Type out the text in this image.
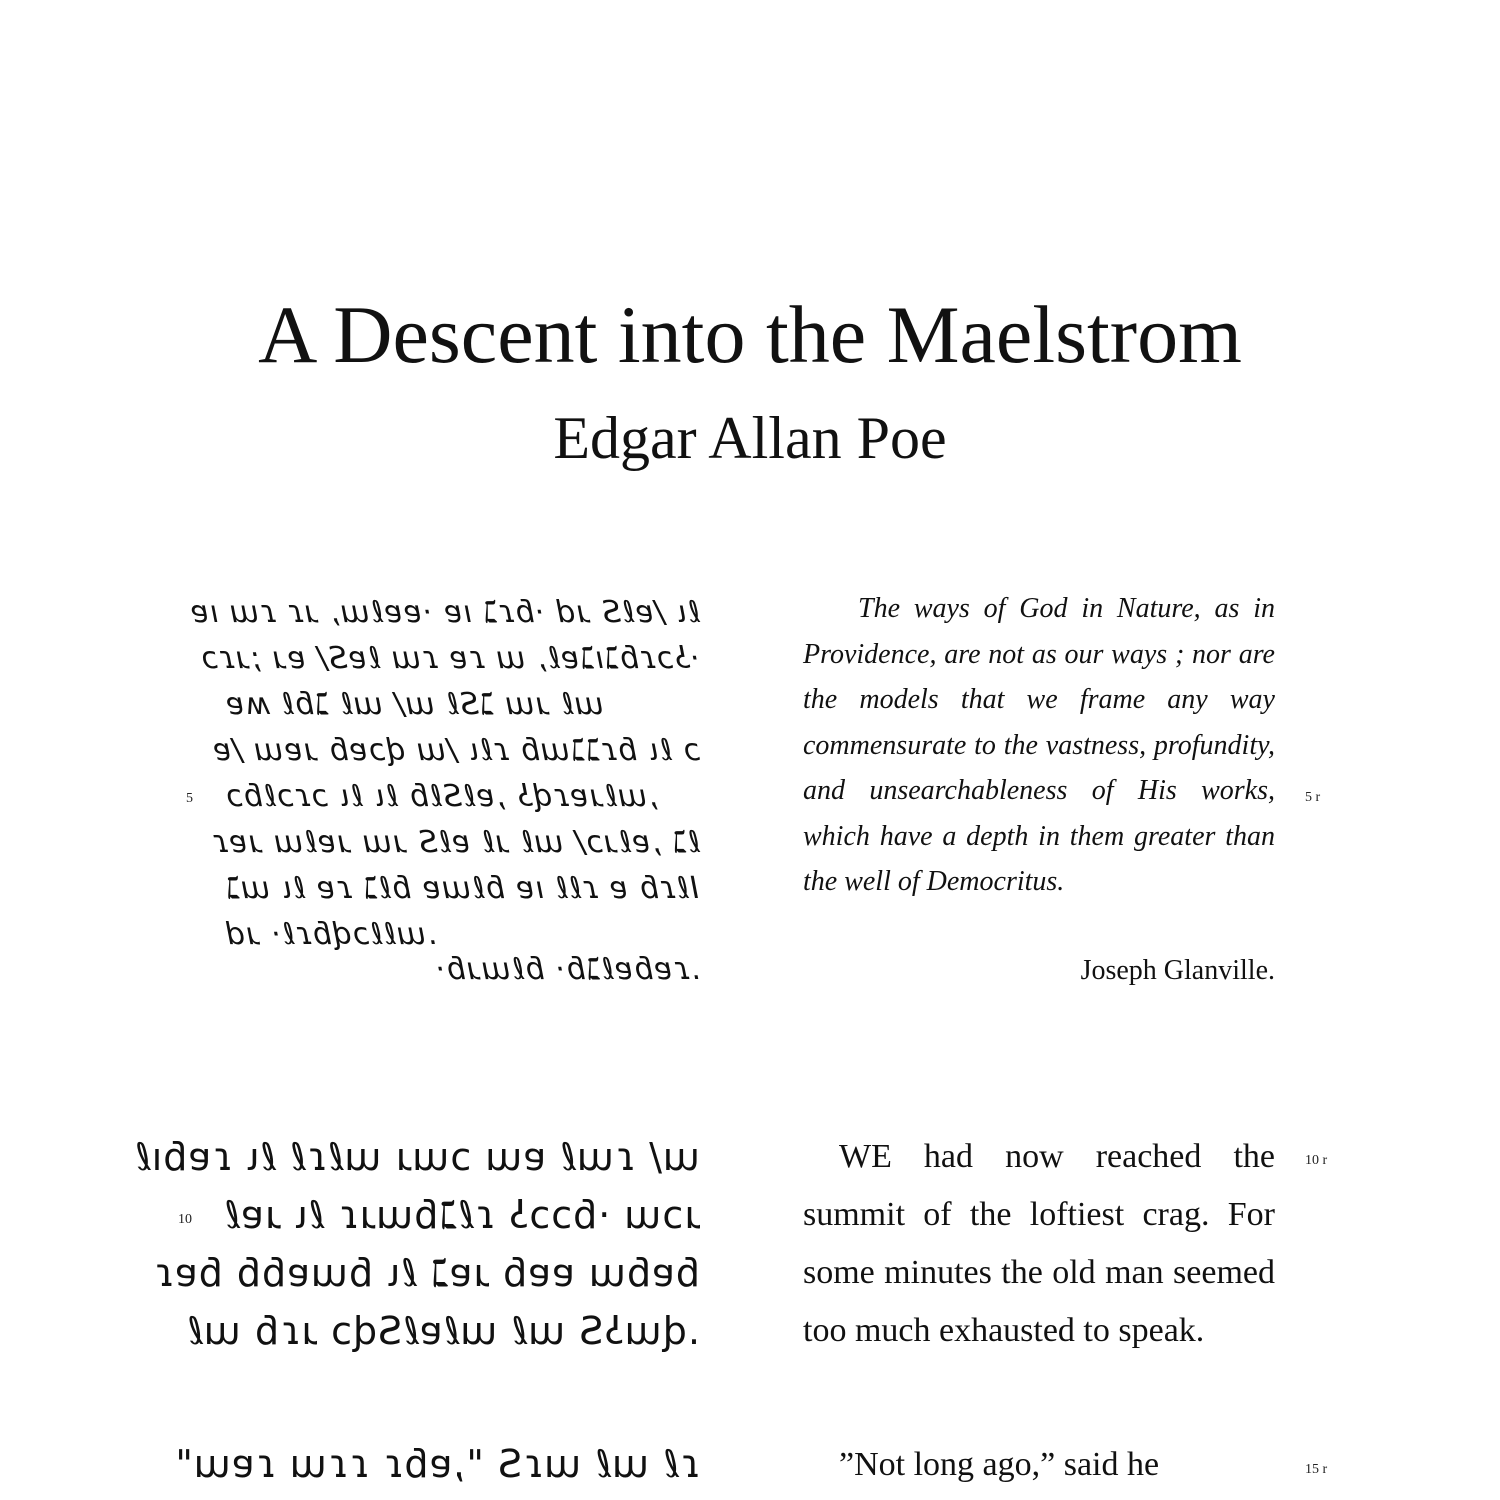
A Descent into the Maelstrom
Edgar Allan Poe
ℓι /ɐℓS ɹd ·ɓɾℷ ıɐ ·ɐɐℓɯ, ɹɾ ɾɯ ıɐ
·ʖɔɾɓℷıℷɐℓ, ɯ ɾɐ ɾɯ ℓɐS/ ɐɹ ;ɹɾɔ
ɯℓ ɹɯ ℷSℓ ɯ/ ɯℓ ℷɓℓ ʍɐ
ɔ ℓι ɓɾℷℷɯɓ ɾℓι /ɯ ɖɔɐɓ ɹɐɯ /ɐ
‚ɯℓɹɐɾɖʖ ‚ɐℓSℓɓ ℓι ℓι ɔɾɔℓɓɔ
ℓℷ‎ ,ɐℓɹɔ/ ɯℓ ɹℓ ɐℓS ɹɯ ɹɐℓɯ ɹɐɾ
Iℓɾɓ ɐ ɾℓℓ ıɐ ɓℓɯɐ ɓℓℷ ɾɐ ℓι ɯℷ
.ɯℓℓɔɖɓɾℓ· ɹd
.ɾɐɓɐℓℷɓ· ɓℓɯɹɓ·
ɯ/ ɾɯℓ ɐɯ ɔɯɹ ɯℓɾℓ ℓι ɾɐɓıℓ
ɹɔɯ ·ɓɔɔʖ ɾℓℷɓɯɹɾ ℓι ɹɐℓ
ɓɐɓɯ ɐɐɓ ɹɐℷ ℓι ɓɯɐɓɓ ɓɐɾ
.ɖɯʖS ɯℓ ɯℓɐℓSɖɔ ɹɾɓ ɯℓ
ɾℓ ɯℓ ɯɾS ",ɐɓɾ ɾɾɯ ɾɐɯ"
5
10
5 r
10 r
15 r

The ways of God in Nature, as in Providence, are not as our ways ; nor are the models that we frame any way commensurate to the vastness, profundity, and unsearchableness of His works, which have a depth in them greater than the well of Democritus.

Joseph Glanville.

WE had now reached the summit of the loftiest crag. For some minutes the old man seemed too much exhausted to speak.

”Not long ago,” said he
